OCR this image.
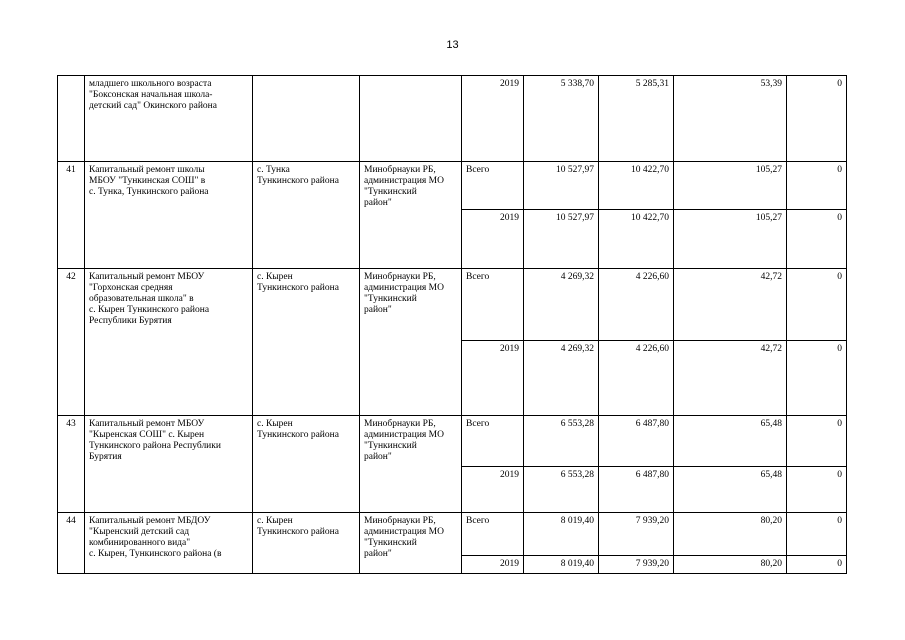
13
	младшего школьного возраста
"Боксонская начальная школа-
детский сад" Окинского района			2019	5 338,70	5 285,31	53,39	0
41	Капитальный ремонт школы
МБОУ "Тункинская СОШ" в
с. Тунка, Тункинского района	с. Тунка
Тункинского района	Минобрнауки РБ,
администрация МО
"Тункинский
район"	Всего	10 527,97	10 422,70	105,27	0
				2019	10 527,97	10 422,70	105,27	0
42	Капитальный ремонт МБОУ
"Горхонская средняя
образовательная школа" в
с. Кырен Тункинского района
Республики Бурятия	с. Кырен
Тункинского района	Минобрнауки РБ,
администрация МО
"Тункинский
район"	Всего	4 269,32	4 226,60	42,72	0
				2019	4 269,32	4 226,60	42,72	0
43	Капитальный ремонт МБОУ
"Кыренская СОШ" с. Кырен
Тункинского района Республики
Бурятия	с. Кырен
Тункинского района	Минобрнауки РБ,
администрация МО
"Тункинский
район"	Всего	6 553,28	6 487,80	65,48	0
				2019	6 553,28	6 487,80	65,48	0
44	Капитальный ремонт МБДОУ
"Кыренский детский сад
комбинированного вида"
с. Кырен, Тункинского района (в	с. Кырен
Тункинского района	Минобрнауки РБ,
администрация МО
"Тункинский
район"	Всего	8 019,40	7 939,20	80,20	0
				2019	8 019,40	7 939,20	80,20	0
